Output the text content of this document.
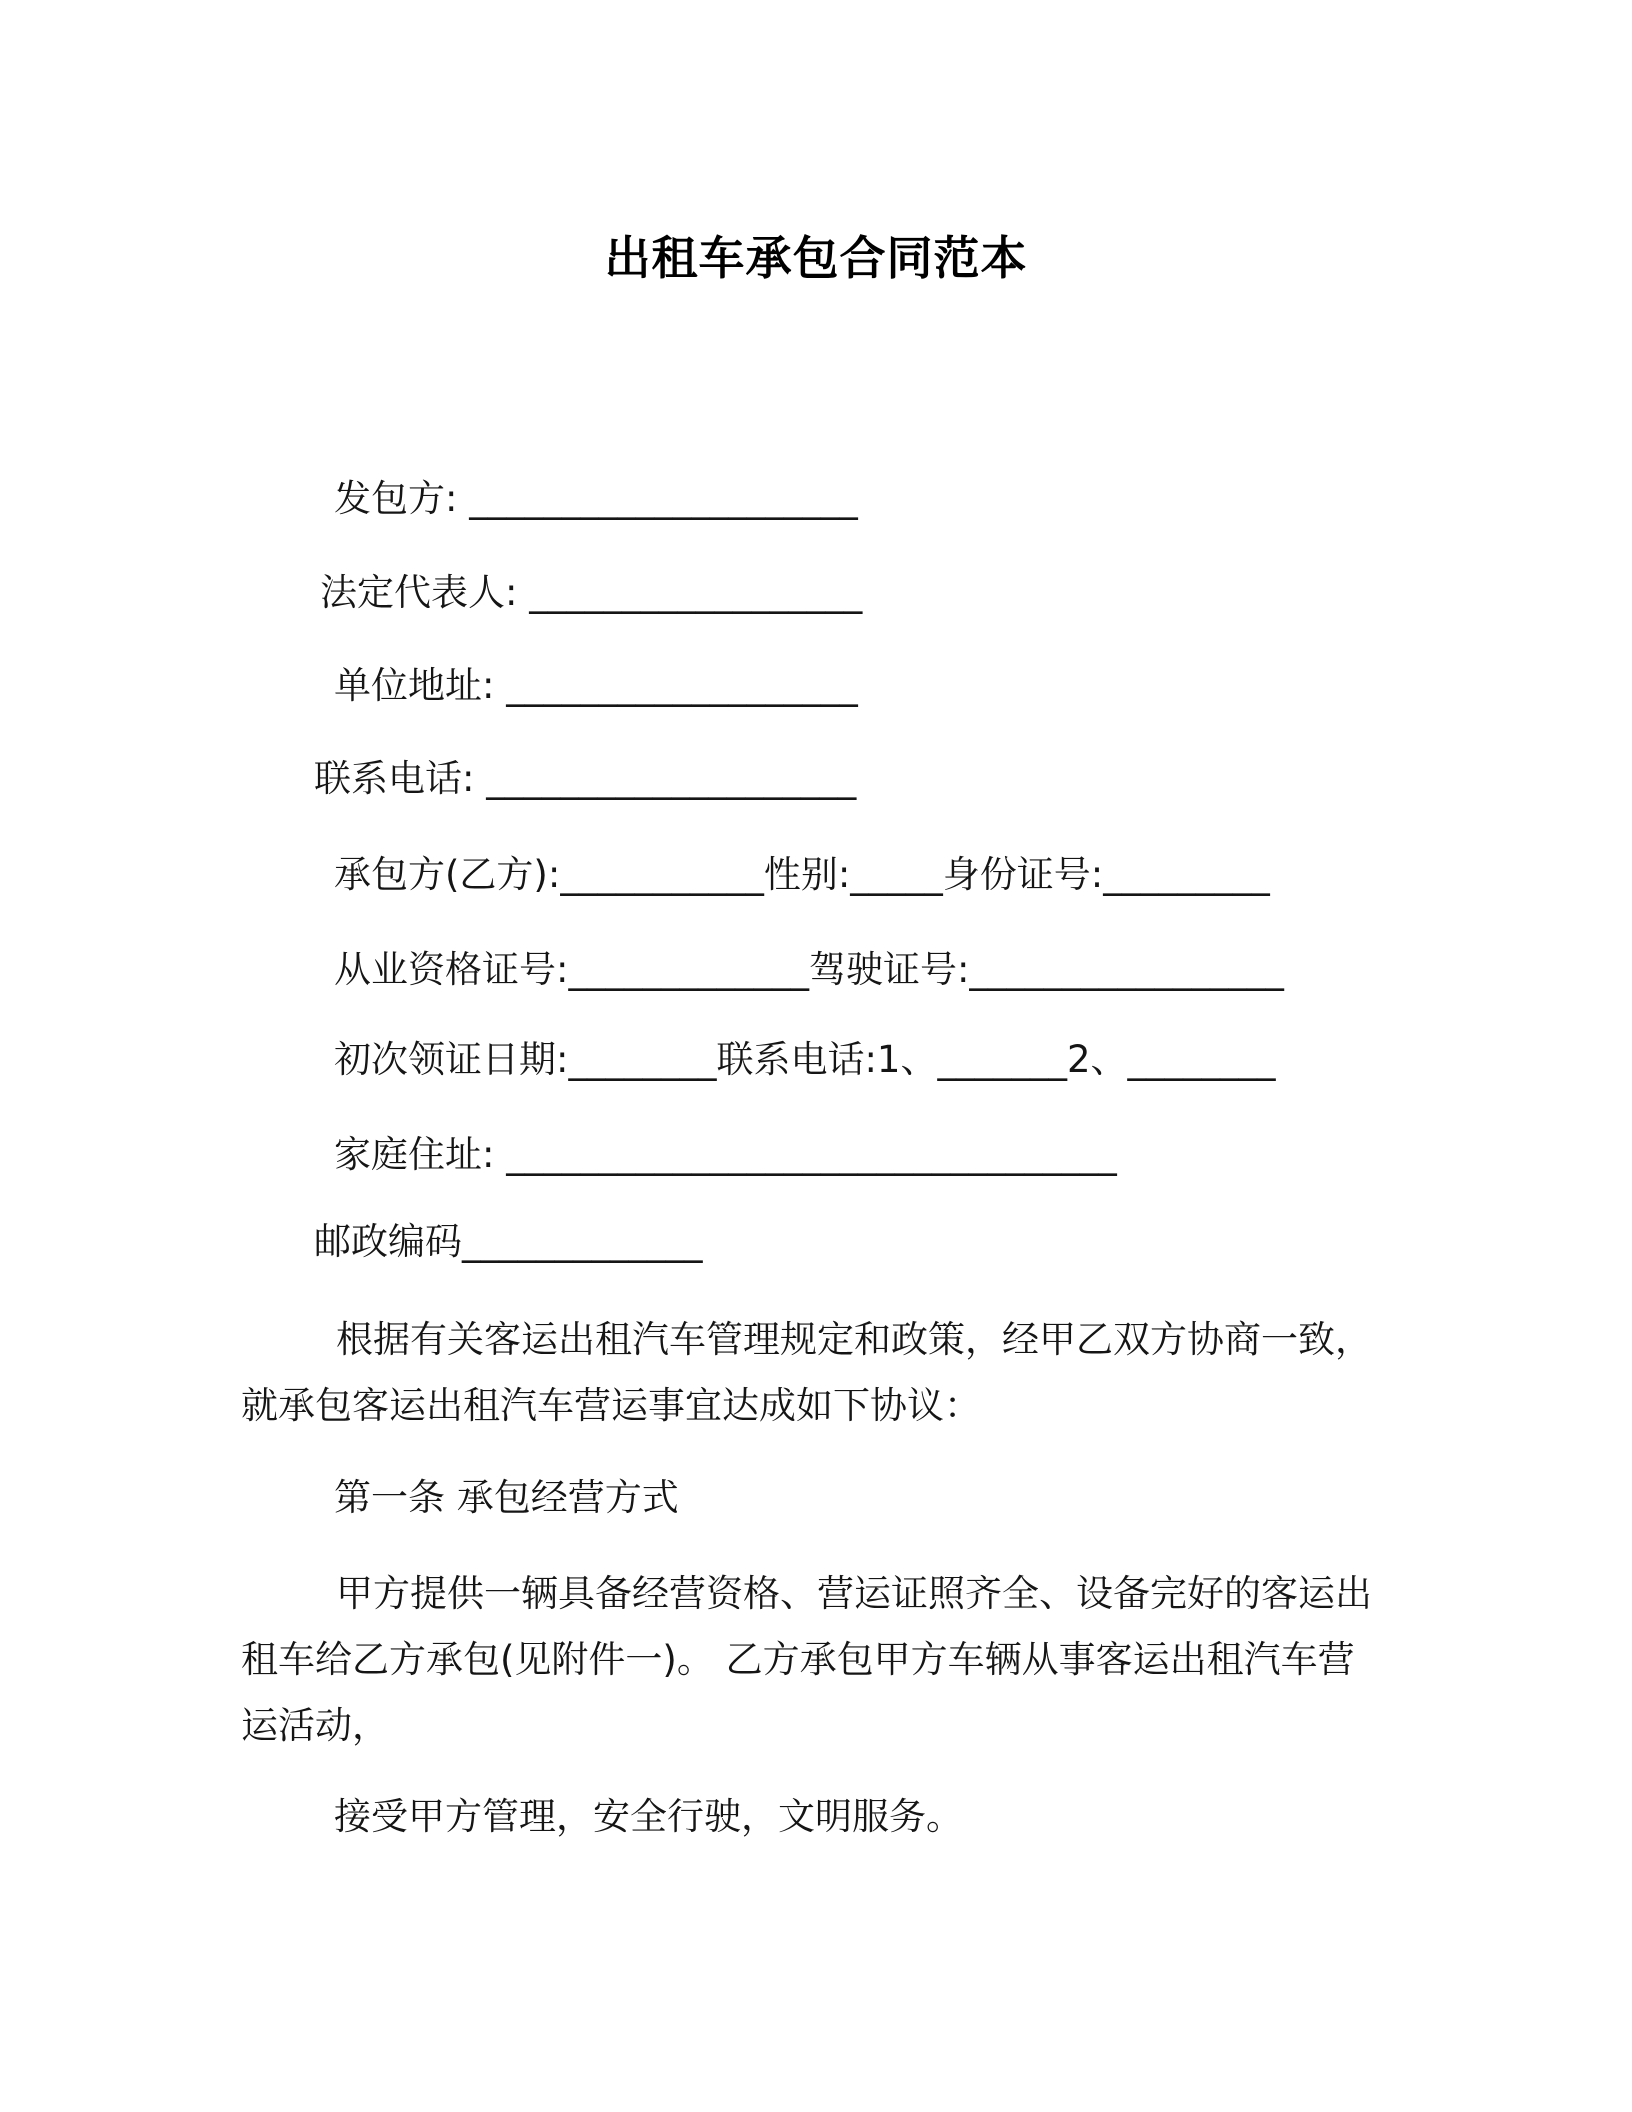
出租车承包合同范本
发包方: _____________________
法定代表人: __________________
单位地址: ___________________
联系电话: ____________________
承包方(乙方):___________性别:_____身份证号:_________
从业资格证号:_____________驾驶证号:_________________
初次领证日期:________联系电话:1、_______2、________
家庭住址: _________________________________
邮政编码_____________
根据有关客运出租汽车管理规定和政策，经甲乙双方协商一致，就承包客运出租汽车营运事宜达成如下协议：
第一条 承包经营方式
甲方提供一辆具备经营资格、营运证照齐全、设备完好的客运出租车给乙方承包(见附件一)。 乙方承包甲方车辆从事客运出租汽车营运活动，
接受甲方管理，安全行驶，文明服务。
